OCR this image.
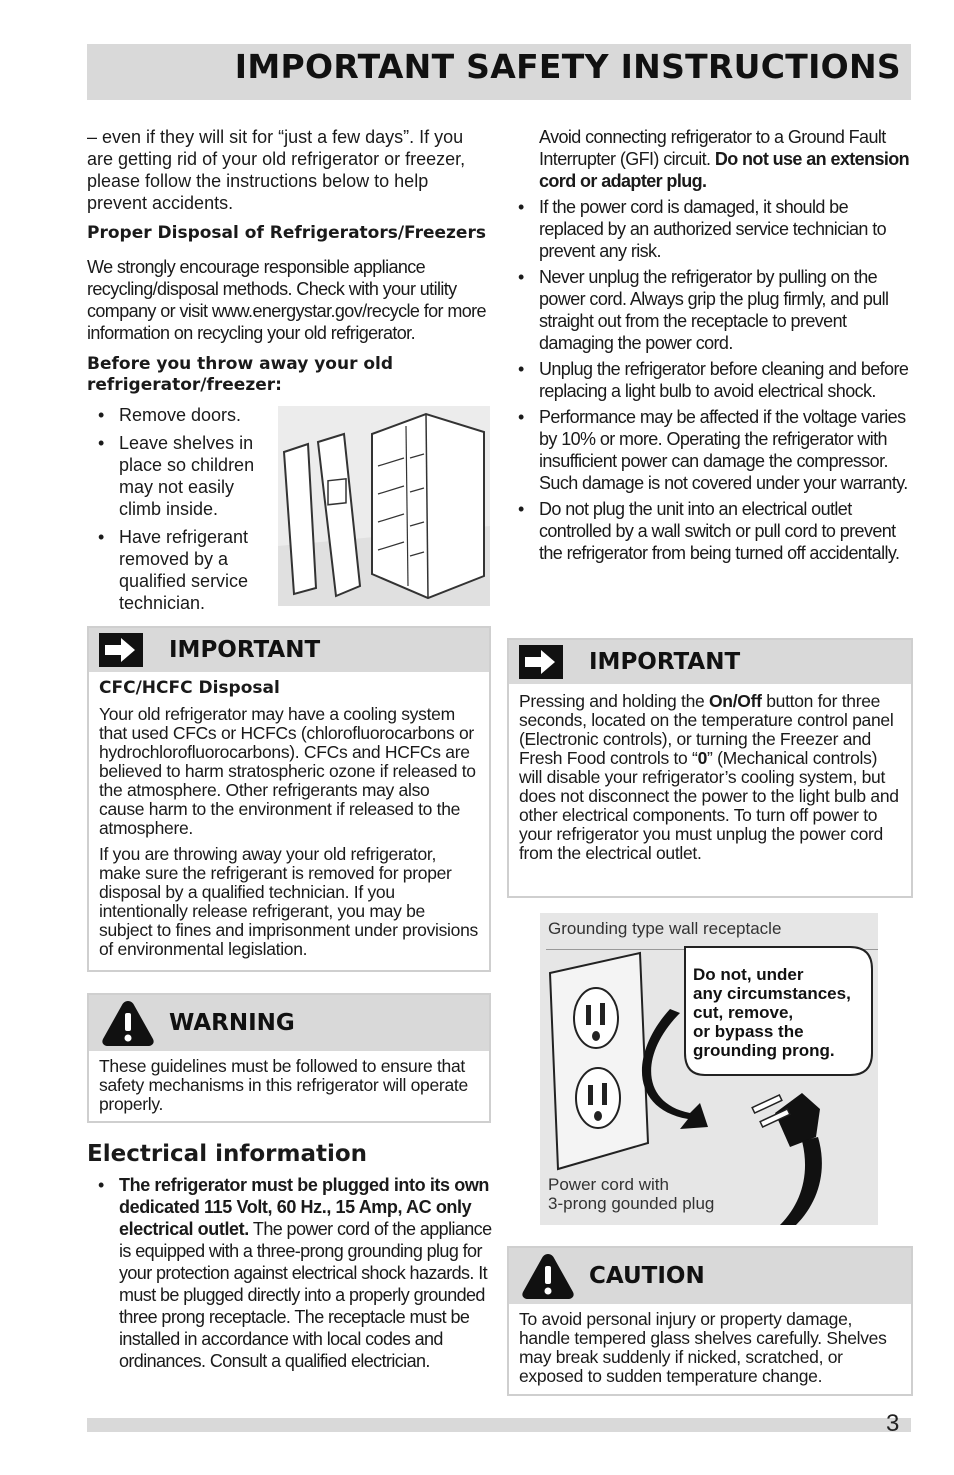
IMPORTANT SAFETY INSTRUCTIONS

– even if they will sit for “just a few days”. If you are getting rid of your old refrigerator or freezer, please follow the instructions below to help prevent accidents.

Proper Disposal of Refrigerators/Freezers

We strongly encourage responsible appliance recycling/disposal methods. Check with your utility company or visit www.energystar.gov/recycle for more information on recycling your old refrigerator.

Before you throw away your old refrigerator/freezer:

• Remove doors.
• Leave shelves in place so children may not easily climb inside.
• Have refrigerant removed by a qualified service technician.
IMPORTANT

CFC/HCFC Disposal

Your old refrigerator may have a cooling system that used CFCs or HCFCs (chlorofluorocarbons or hydrochlorofluorocarbons). CFCs and HCFCs are believed to harm stratospheric ozone if released to the atmosphere. Other refrigerants may also cause harm to the environment if released to the atmosphere.

If you are throwing away your old refrigerator, make sure the refrigerant is removed for proper disposal by a qualified technician. If you intentionally release refrigerant, you may be subject to fines and imprisonment under provisions of environmental legislation.

WARNING

These guidelines must be followed to ensure that safety mechanisms in this refrigerator will operate properly.

Electrical information

• The refrigerator must be plugged into its own dedicated 115 Volt, 60 Hz., 15 Amp, AC only electrical outlet. The power cord of the appliance is equipped with a three-prong grounding plug for your protection against electrical shock hazards. It must be plugged directly into a properly grounded three prong receptacle. The receptacle must be installed in accordance with local codes and ordinances. Consult a qualified electrician.

Avoid connecting refrigerator to a Ground Fault Interrupter (GFI) circuit. Do not use an extension cord or adapter plug.

• If the power cord is damaged, it should be replaced by an authorized service technician to prevent any risk.
• Never unplug the refrigerator by pulling on the power cord. Always grip the plug firmly, and pull straight out from the receptacle to prevent damaging the power cord.
• Unplug the refrigerator before cleaning and before replacing a light bulb to avoid electrical shock.
• Performance may be affected if the voltage varies by 10% or more. Operating the refrigerator with insufficient power can damage the compressor. Such damage is not covered under your warranty.
• Do not plug the unit into an electrical outlet controlled by a wall switch or pull cord to prevent the refrigerator from being turned off accidentally.
IMPORTANT

Pressing and holding the On/Off button for three seconds, located on the temperature control panel (Electronic controls), or turning the Freezer and Fresh Food controls to “0” (Mechanical controls) will disable your refrigerator’s cooling system, but does not disconnect the power to the light bulb and other electrical components. To turn off power to your refrigerator you must unplug the power cord from the electrical outlet.

Grounding type wall receptacle
Do not, under
any circumstances,
cut, remove,
or bypass the
grounding prong.
Power cord with
3-prong gounded plug
CAUTION

To avoid personal injury or property damage, handle tempered glass shelves carefully. Shelves may break suddenly if nicked, scratched, or exposed to sudden temperature change.

3
